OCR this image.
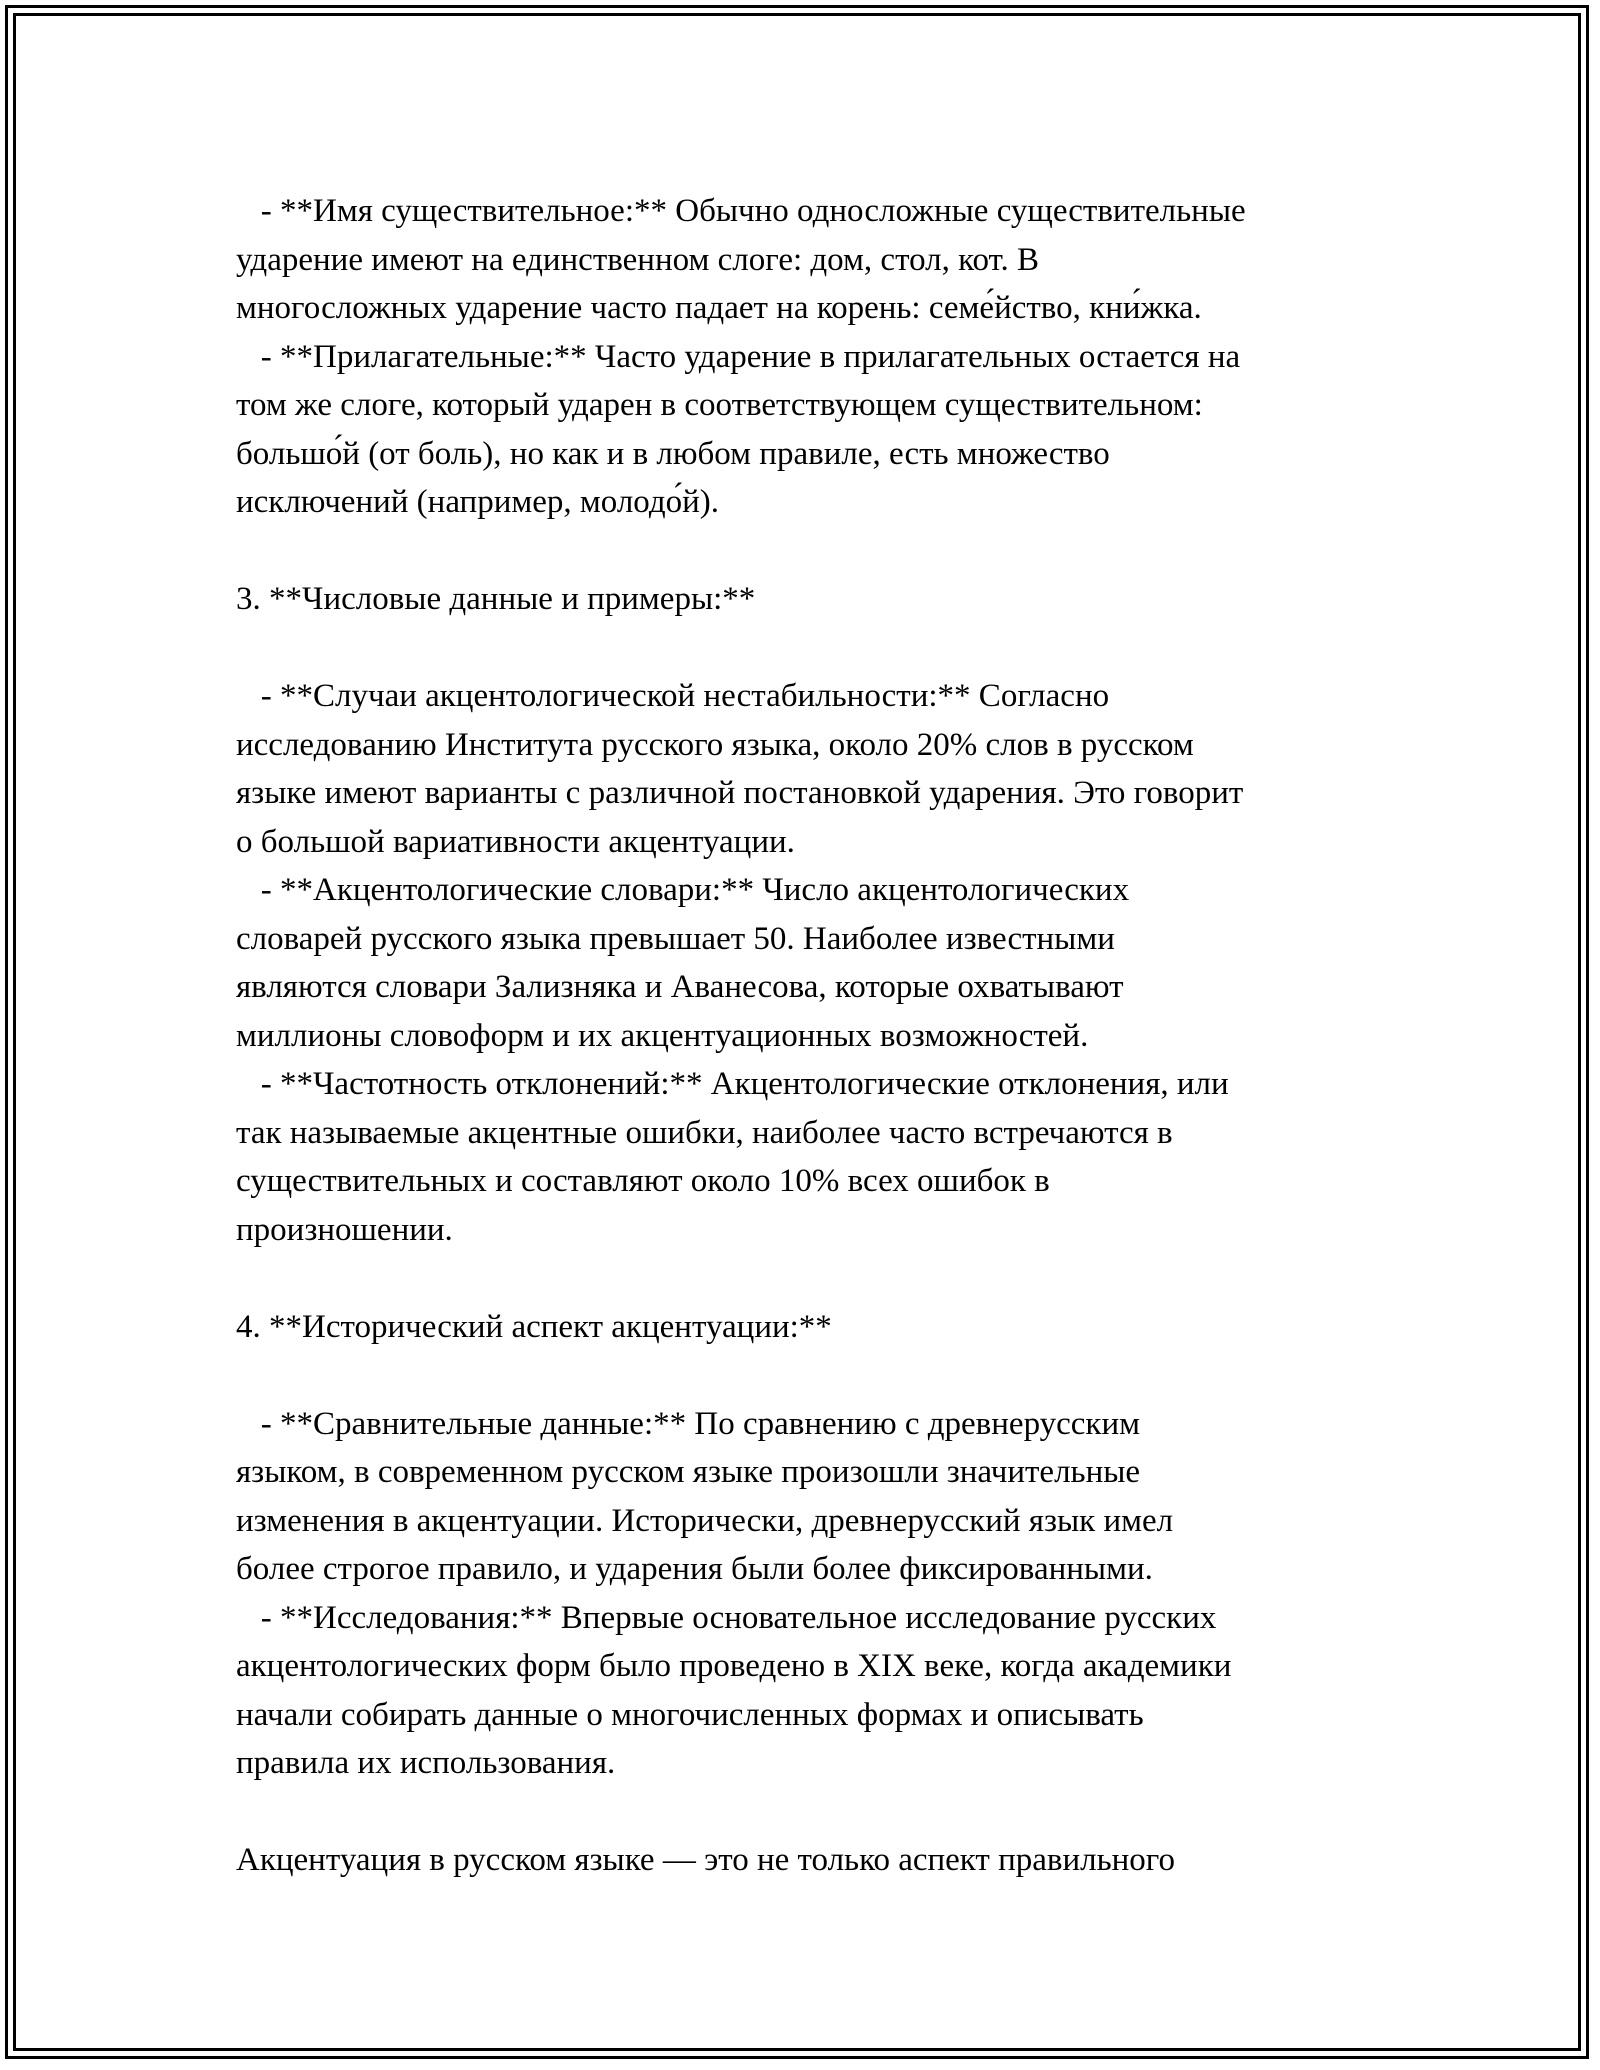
- **Имя существительное:** Обычно односложные существительные

ударение имеют на единственном слоге: дом, стол, кот. В

многосложных ударение часто падает на корень: семе́йство, кни́жка.

- **Прилагательные:** Часто ударение в прилагательных остается на

том же слоге, который ударен в соответствующем существительном:

большо́й (от боль), но как и в любом правиле, есть множество

исключений (например, молодо́й).

3. **Числовые данные и примеры:**

- **Случаи акцентологической нестабильности:** Согласно

исследованию Института русского языка, около 20% слов в русском

языке имеют варианты с различной постановкой ударения. Это говорит

о большой вариативности акцентуации.

- **Акцентологические словари:** Число акцентологических

словарей русского языка превышает 50. Наиболее известными

являются словари Зализняка и Аванесова, которые охватывают

миллионы словоформ и их акцентуационных возможностей.

- **Частотность отклонений:** Акцентологические отклонения, или

так называемые акцентные ошибки, наиболее часто встречаются в

существительных и составляют около 10% всех ошибок в

произношении.

4. **Исторический аспект акцентуации:**

- **Сравнительные данные:** По сравнению с древнерусским

языком, в современном русском языке произошли значительные

изменения в акцентуации. Исторически, древнерусский язык имел

более строгое правило, и ударения были более фиксированными.

- **Исследования:** Впервые основательное исследование русских

акцентологических форм было проведено в XIX веке, когда академики

начали собирать данные о многочисленных формах и описывать

правила их использования.

Акцентуация в русском языке — это не только аспект правильного
